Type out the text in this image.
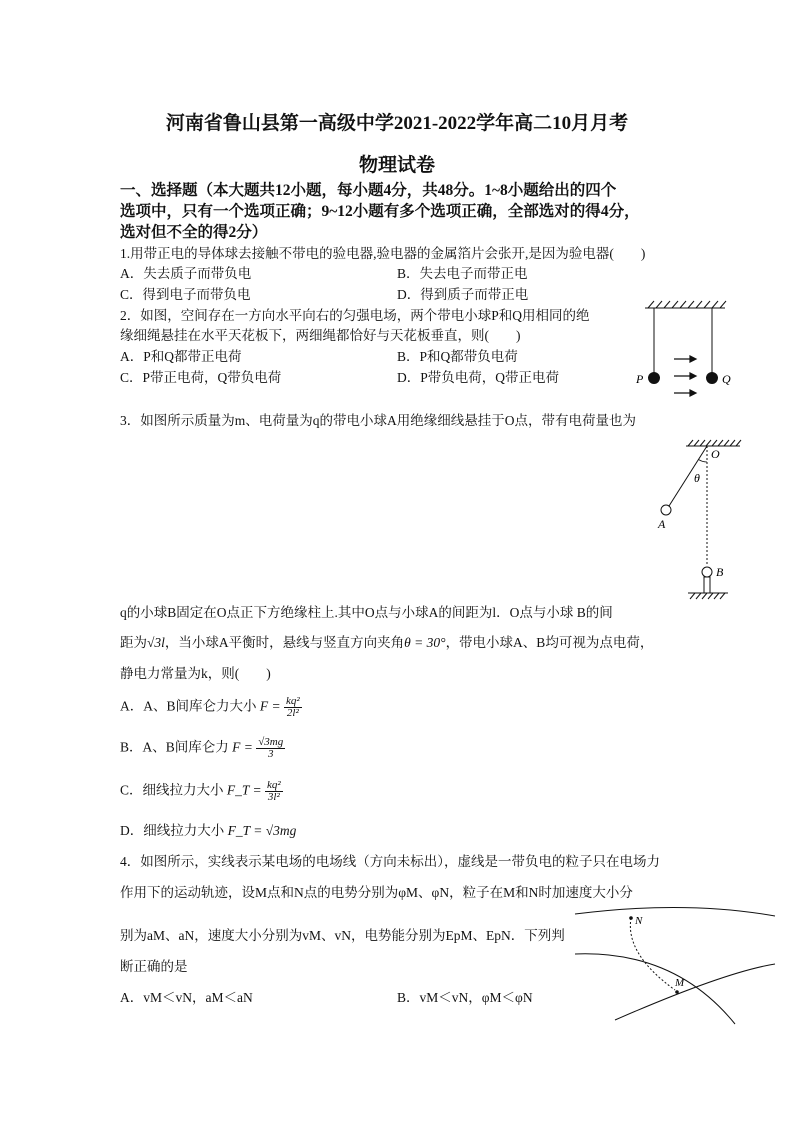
河南省鲁山县第一高级中学2021-2022学年高二10月月考
物理试卷
一、选择题（本大题共12小题，每小题4分，共48分。1~8小题给出的四个
选项中，只有一个选项正确；9~12小题有多个选项正确，全部选对的得4分，
选对但不全的得2分）
1.用带正电的导体球去接触不带电的验电器,验电器的金属箔片会张开,是因为验电器(　　)
A．失去质子而带负电	B．失去电子而带正电
C．得到电子而带负电	D．得到质子而带正电
2．如图，空间存在一方向水平向右的匀强电场，两个带电小球P和Q用相同的绝
缘细绳悬挂在水平天花板下，两细绳都恰好与天花板垂直，则(　　)
A．P和Q都带正电荷	B．P和Q都带负电荷
C．P带正电荷，Q带负电荷	D．P带负电荷，Q带正电荷	P	Q
3．如图所示质量为m、电荷量为q的带电小球A用绝缘细线悬挂于O点，带有电荷量也为
O
θ
A
B
q的小球B固定在O点正下方绝缘柱上.其中O点与小球A的间距为l．O点与小球 B的间
距为√3l，当小球A平衡时，悬线与竖直方向夹角θ = 30°，带电小球A、B均可视为点电荷，
静电力常量为k，则(　　)
A．A、B间库仑力大小 $F = \frac{\text{kq²}}{\text{2l²}}$
B．A、B间库仑力 $F = \frac{√3mg}{3}$
C．细线拉力大小 F_T = $\frac{\text{kq²}}{\text{3l²}}$
D．细线拉力大小 F_T = √3mg
4．如图所示，实线表示某电场的电场线（方向未标出），虚线是一带负电的粒子只在电场力
作用下的运动轨迹，设M点和N点的电势分别为φM、φN，粒子在M和N时加速度大小分
别为aM、aN，速度大小分别为vM、vN，电势能分别为EpM、EpN．下列判
断正确的是
N
M
A．vM＜vN，aM＜aN	B．vM＜vN，φM＜φN
